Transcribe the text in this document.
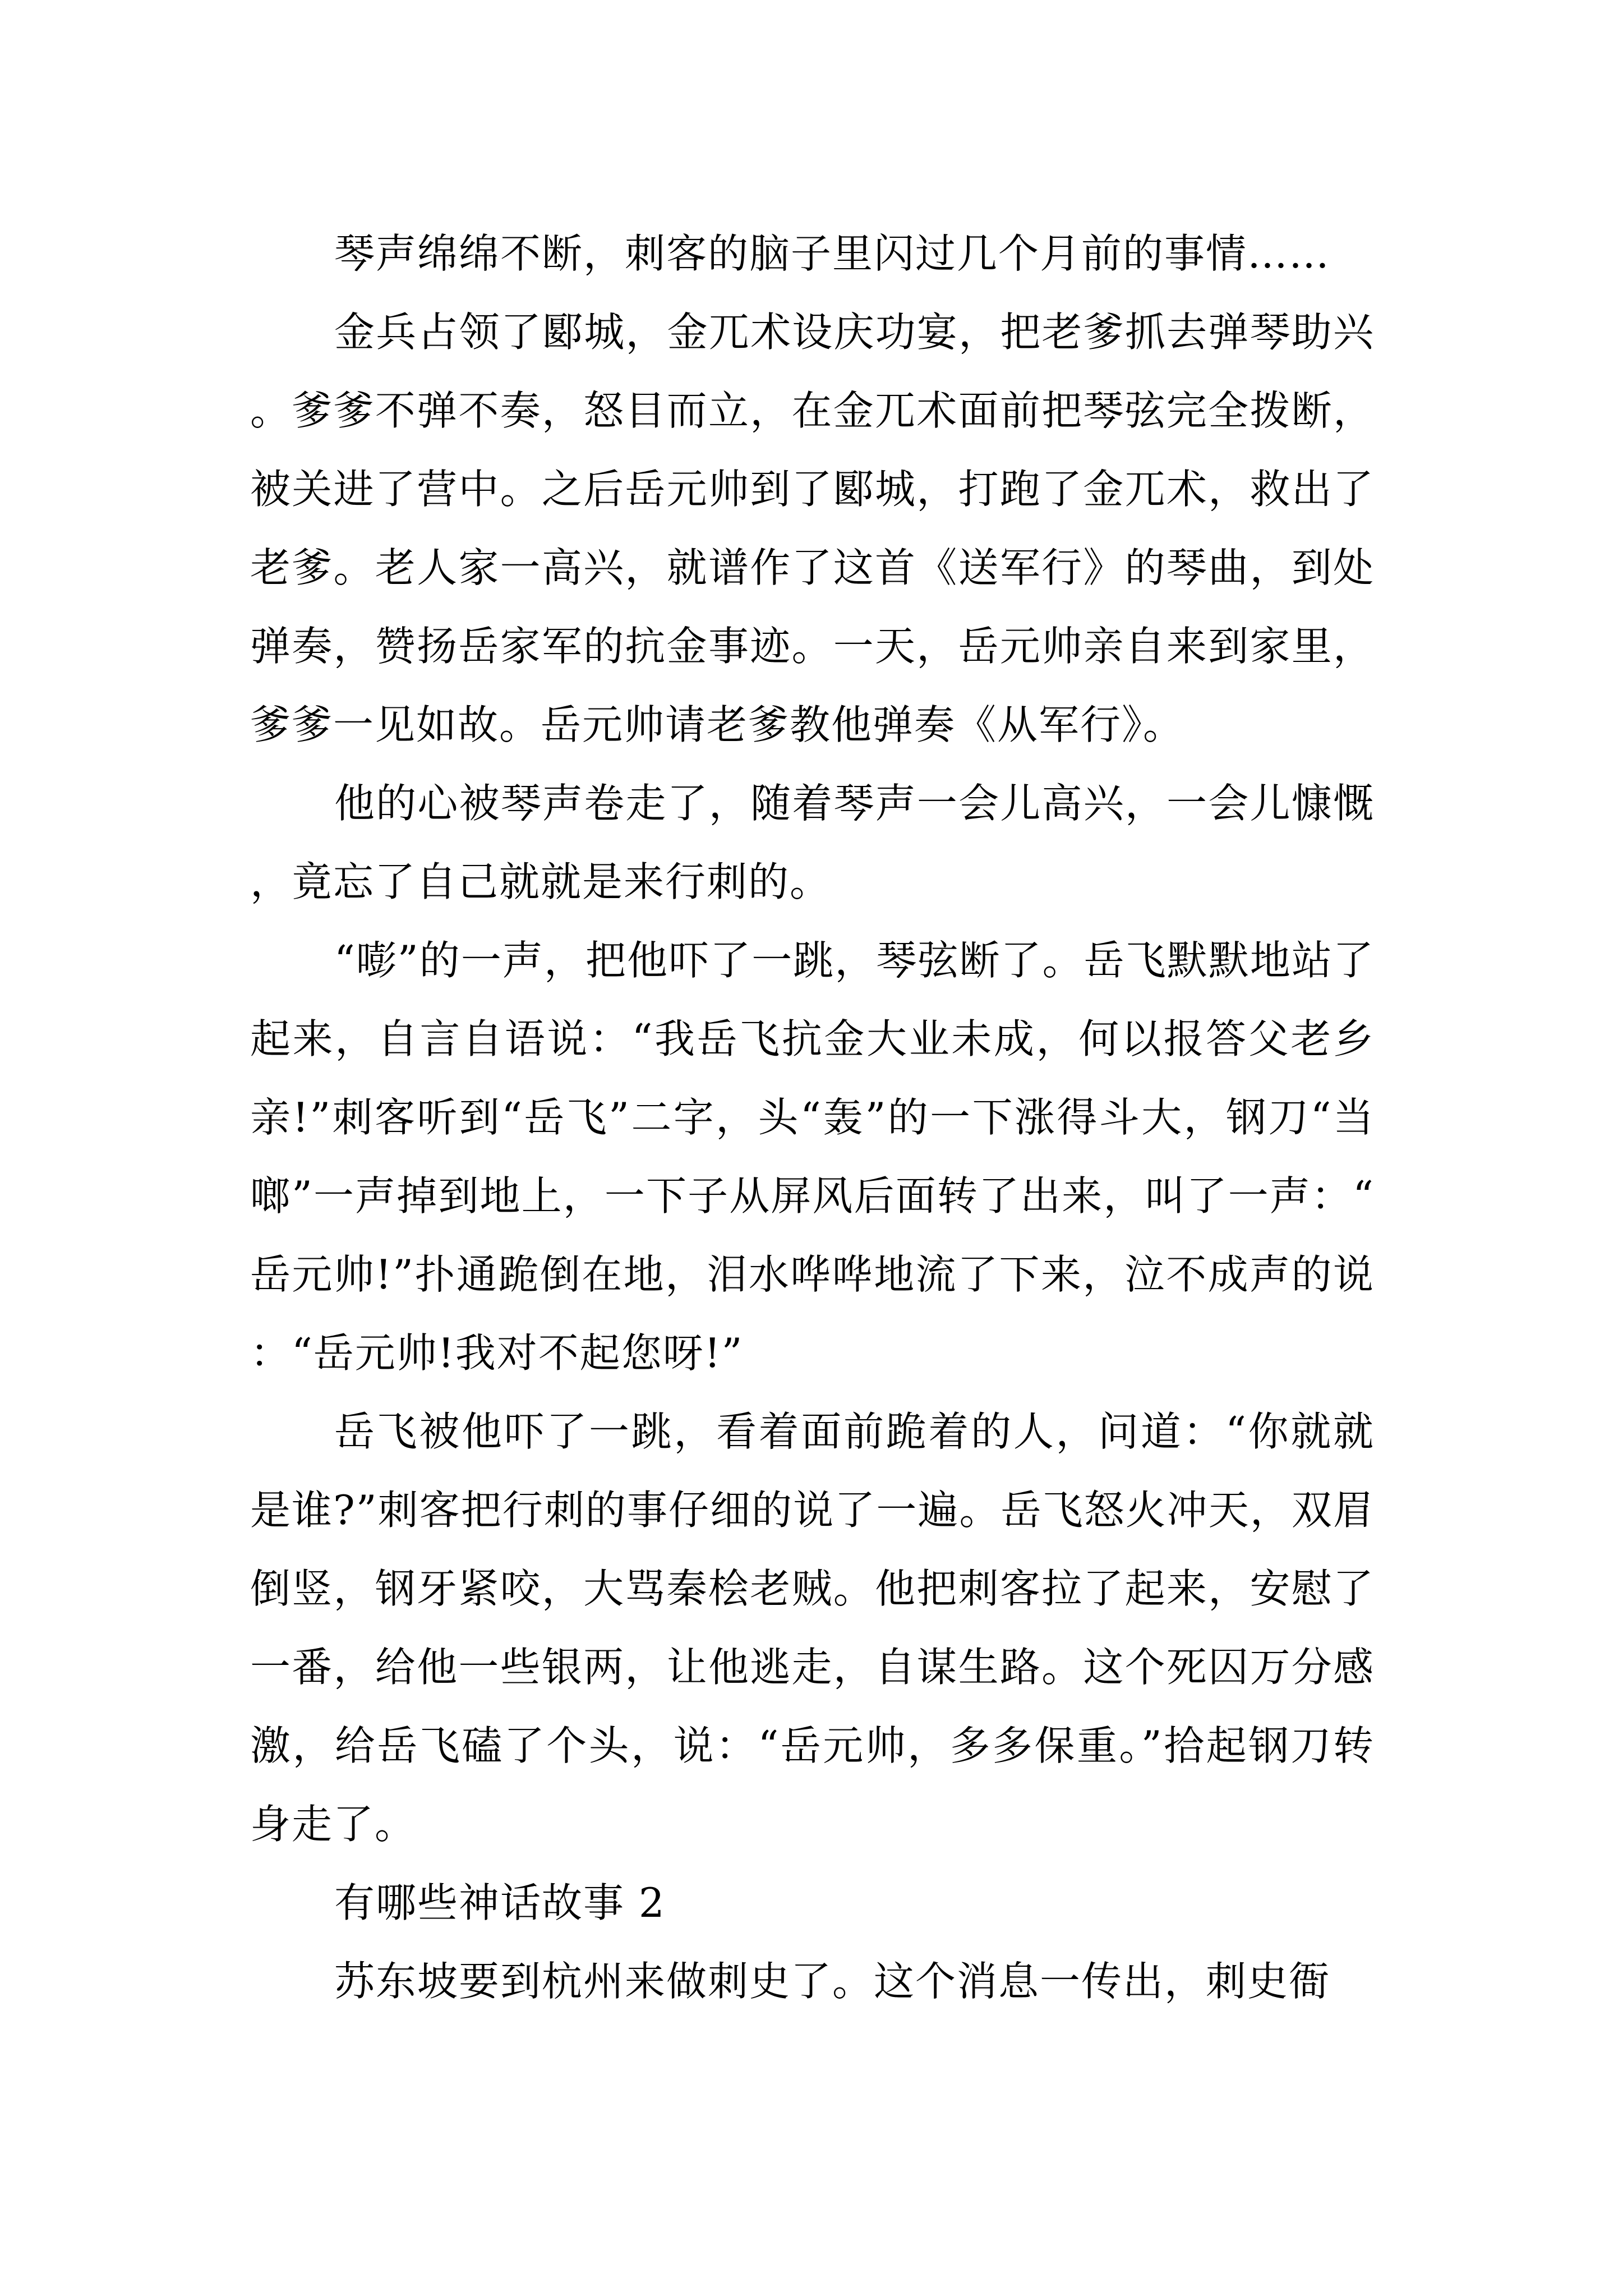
琴声绵绵不断，刺客的脑子里闪过几个月前的事情……

金兵占领了郾城，金兀术设庆功宴，把老爹抓去弹琴助兴。爹爹不弹不奏，怒目而立，在金兀术面前把琴弦完全拨断，被关进了营中。之后岳元帅到了郾城，打跑了金兀术，救出了老爹。老人家一高兴，就谱作了这首《送军行》的琴曲，到处弹奏，赞扬岳家军的抗金事迹。一天，岳元帅亲自来到家里，爹爹一见如故。岳元帅请老爹教他弹奏《从军行》。

他的心被琴声卷走了，随着琴声一会儿高兴，一会儿慷慨，竟忘了自己就就是来行刺的。

“嘭”的一声，把他吓了一跳，琴弦断了。岳飞默默地站了起来，自言自语说：“我岳飞抗金大业未成，何以报答父老乡亲!”刺客听到“岳飞”二字，头“轰”的一下涨得斗大，钢刀“当啷”一声掉到地上，一下子从屏风后面转了出来，叫了一声：“岳元帅!”扑通跪倒在地，泪水哗哗地流了下来，泣不成声的说：“岳元帅!我对不起您呀!”

岳飞被他吓了一跳，看着面前跪着的人，问道：“你就就是谁?”刺客把行刺的事仔细的说了一遍。岳飞怒火冲天，双眉倒竖，钢牙紧咬，大骂秦桧老贼。他把刺客拉了起来，安慰了一番，给他一些银两，让他逃走，自谋生路。这个死囚万分感激，给岳飞磕了个头，说：“岳元帅，多多保重。”拾起钢刀转身走了。

有哪些神话故事 2

苏东坡要到杭州来做刺史了。这个消息一传出，刺史衙
